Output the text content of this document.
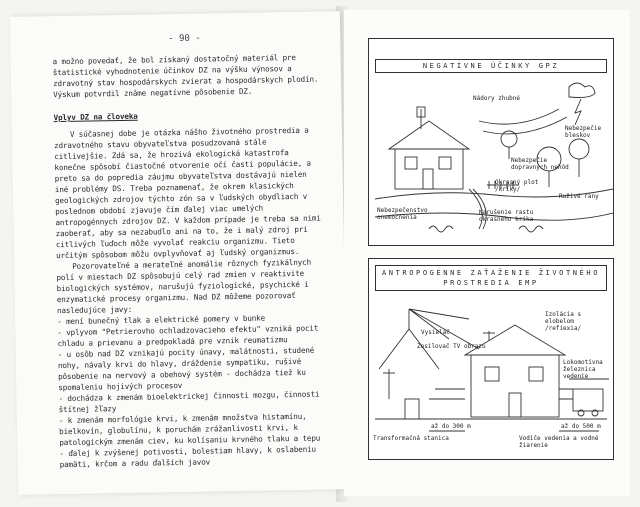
- 90 -

a možno povedať, že bol získaný dostatočný materiál pre štatistické vyhodnotenie účinkov DZ na výšku výnosov a zdravotný stav hospodárskych zvierat a hospodárskych plodín. Výskum potvrdil známe negatívne pôsobenie DZ.

Vplyv DZ na človeka

V súčasnej dobe je otázka nášho životného prostredia a zdravotného stavu obyvateľstva posudzovaná stále citlivejšie. Zdá sa, že hrozivá ekologická katastrofa konečne spôsobí čiastočné otvorenie očí časti populácie, a preto sa do popredia záujmu obyvateľstva dostávajú nielen iné problémy DS. Treba poznamenať, že okrem klasických geologických zdrojov týchto zón sa v ľudských obydliach v poslednom období zjavuje čím ďalej viac umelých antropogénnych zdrojov DZ. V každom prípade je treba sa nimi zaoberať, aby sa nezabudlo ani na to, že i malý zdroj pri citlivých ľuďoch môže vyvolať reakciu organizmu. Tieto určitým spôsobom môžu ovplyvňovať aj ľudský organizmus.

Pozorovateľné a merateľné anomálie rôznych fyzikálnych polí v miestach DZ spôsobujú celý rad zmien v reaktivite biologických systémov, narušujú fyziologické, psychické i enzymatické procesy organizmu. Nad DZ môžeme pozorovať nasledujúce javy:

- mení bunečný tlak a elektrické pomery v bunke
- vplyvom "Petrierovho ochladzovacieho efektu" vzniká pocit chladu a prievanu a predpokladá pre vznik reumatizmu
- u osôb nad DZ vznikajú pocity únavy, malátnosti, studené nohy, návaly krvi do hlavy, dráždenie sympatiku, rušivé pôsobenie na nervový a obehový systém - dochádza tiež ku spomaleniu hojivých procesov
- dochádza k zmenám bioelektrickej činnosti mozgu, činnosti štítnej žľazy
- k zmenám morfológie krvi, k zmenám množstva histamínu, bielkovín, globulínu, k poruchám zrážanlivosti krvi, k patologickým zmenám ciev, ku kolísaniu krvného tlaku a tepu
- ďalej k zvýšenej potivosti, bolestiam hlavy, k oslabeniu pamäti, krčom a radu ďalších javov
NEGATÍVNE ÚČINKY GPZ
Nádory zhubné
Nebezpečie bleskov
Nebezpečie dopravných nehôd
Okrasný plot /kríky/
Ruživé rany
Nebezpečenstvo onemocnenia
Narušenie rastu okrasného kríka
ANTROPOGÉNNE ZAŤAŽENIE ŽIVOTNÉHO PROSTREDIA EMP
Vysielač
Zosilovač TV obrazu
Izolácia s elobelom /refiexia/
Lokomotívna železnica vedenie
Transformačná stanica	Vodiče vedenia a vodné žiarenie
až do 300 m	až do 500 m
